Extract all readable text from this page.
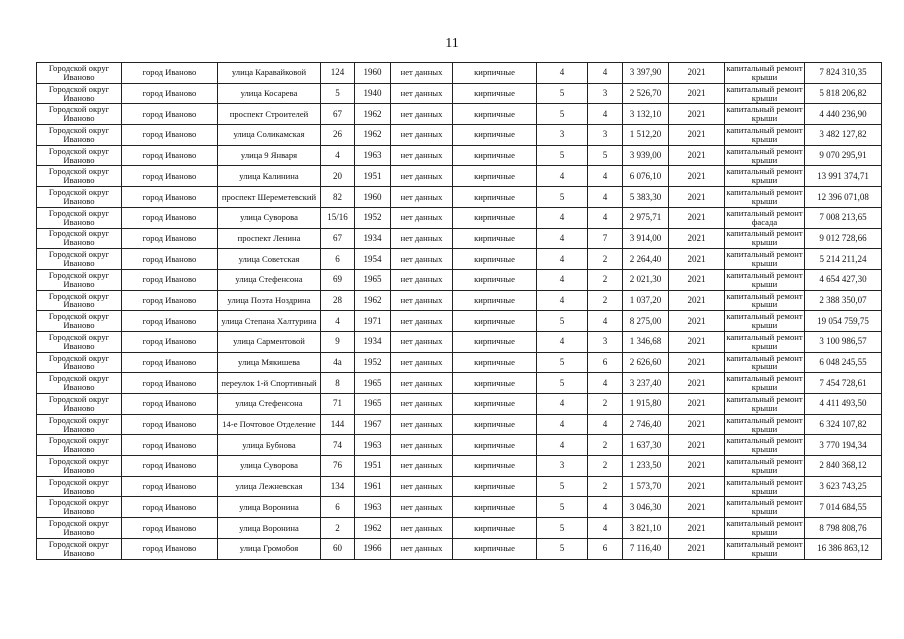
11
Городской округ Иваново	город Иваново	улица Каравайковой	124	1960	нет данных	кирпичные	4	4	3 397,90	2021	капитальный ремонт крыши	7 824 310,35
Городской округ Иваново	город Иваново	улица Косарева	5	1940	нет данных	кирпичные	5	3	2 526,70	2021	капитальный ремонт крыши	5 818 206,82
Городской округ Иваново	город Иваново	проспект Строителей	67	1962	нет данных	кирпичные	5	4	3 132,10	2021	капитальный ремонт крыши	4 440 236,90
Городской округ Иваново	город Иваново	улица Соликамская	26	1962	нет данных	кирпичные	3	3	1 512,20	2021	капитальный ремонт крыши	3 482 127,82
Городской округ Иваново	город Иваново	улица 9 Января	4	1963	нет данных	кирпичные	5	5	3 939,00	2021	капитальный ремонт крыши	9 070 295,91
Городской округ Иваново	город Иваново	улица Калинина	20	1951	нет данных	кирпичные	4	4	6 076,10	2021	капитальный ремонт крыши	13 991 374,71
Городской округ Иваново	город Иваново	проспект Шереметевский	82	1960	нет данных	кирпичные	5	4	5 383,30	2021	капитальный ремонт крыши	12 396 071,08
Городской округ Иваново	город Иваново	улица Суворова	15/16	1952	нет данных	кирпичные	4	4	2 975,71	2021	капитальный ремонт фасада	7 008 213,65
Городской округ Иваново	город Иваново	проспект Ленина	67	1934	нет данных	кирпичные	4	7	3 914,00	2021	капитальный ремонт крыши	9 012 728,66
Городской округ Иваново	город Иваново	улица Советская	6	1954	нет данных	кирпичные	4	2	2 264,40	2021	капитальный ремонт крыши	5 214 211,24
Городской округ Иваново	город Иваново	улица Стефенсона	69	1965	нет данных	кирпичные	4	2	2 021,30	2021	капитальный ремонт крыши	4 654 427,30
Городской округ Иваново	город Иваново	улица Поэта Ноздрина	28	1962	нет данных	кирпичные	4	2	1 037,20	2021	капитальный ремонт крыши	2 388 350,07
Городской округ Иваново	город Иваново	улица Степана Халтурина	4	1971	нет данных	кирпичные	5	4	8 275,00	2021	капитальный ремонт крыши	19 054 759,75
Городской округ Иваново	город Иваново	улица Сарментовой	9	1934	нет данных	кирпичные	4	3	1 346,68	2021	капитальный ремонт крыши	3 100 986,57
Городской округ Иваново	город Иваново	улица Мякишева	4а	1952	нет данных	кирпичные	5	6	2 626,60	2021	капитальный ремонт крыши	6 048 245,55
Городской округ Иваново	город Иваново	переулок 1-й Спортивный	8	1965	нет данных	кирпичные	5	4	3 237,40	2021	капитальный ремонт крыши	7 454 728,61
Городской округ Иваново	город Иваново	улица Стефенсона	71	1965	нет данных	кирпичные	4	2	1 915,80	2021	капитальный ремонт крыши	4 411 493,50
Городской округ Иваново	город Иваново	14-е Почтовое Отделение	144	1967	нет данных	кирпичные	4	4	2 746,40	2021	капитальный ремонт крыши	6 324 107,82
Городской округ Иваново	город Иваново	улица Бубнова	74	1963	нет данных	кирпичные	4	2	1 637,30	2021	капитальный ремонт крыши	3 770 194,34
Городской округ Иваново	город Иваново	улица Суворова	76	1951	нет данных	кирпичные	3	2	1 233,50	2021	капитальный ремонт крыши	2 840 368,12
Городской округ Иваново	город Иваново	улица Лежневская	134	1961	нет данных	кирпичные	5	2	1 573,70	2021	капитальный ремонт крыши	3 623 743,25
Городской округ Иваново	город Иваново	улица Воронина	6	1963	нет данных	кирпичные	5	4	3 046,30	2021	капитальный ремонт крыши	7 014 684,55
Городской округ Иваново	город Иваново	улица Воронина	2	1962	нет данных	кирпичные	5	4	3 821,10	2021	капитальный ремонт крыши	8 798 808,76
Городской округ Иваново	город Иваново	улица Громобоя	60	1966	нет данных	кирпичные	5	6	7 116,40	2021	капитальный ремонт крыши	16 386 863,12
